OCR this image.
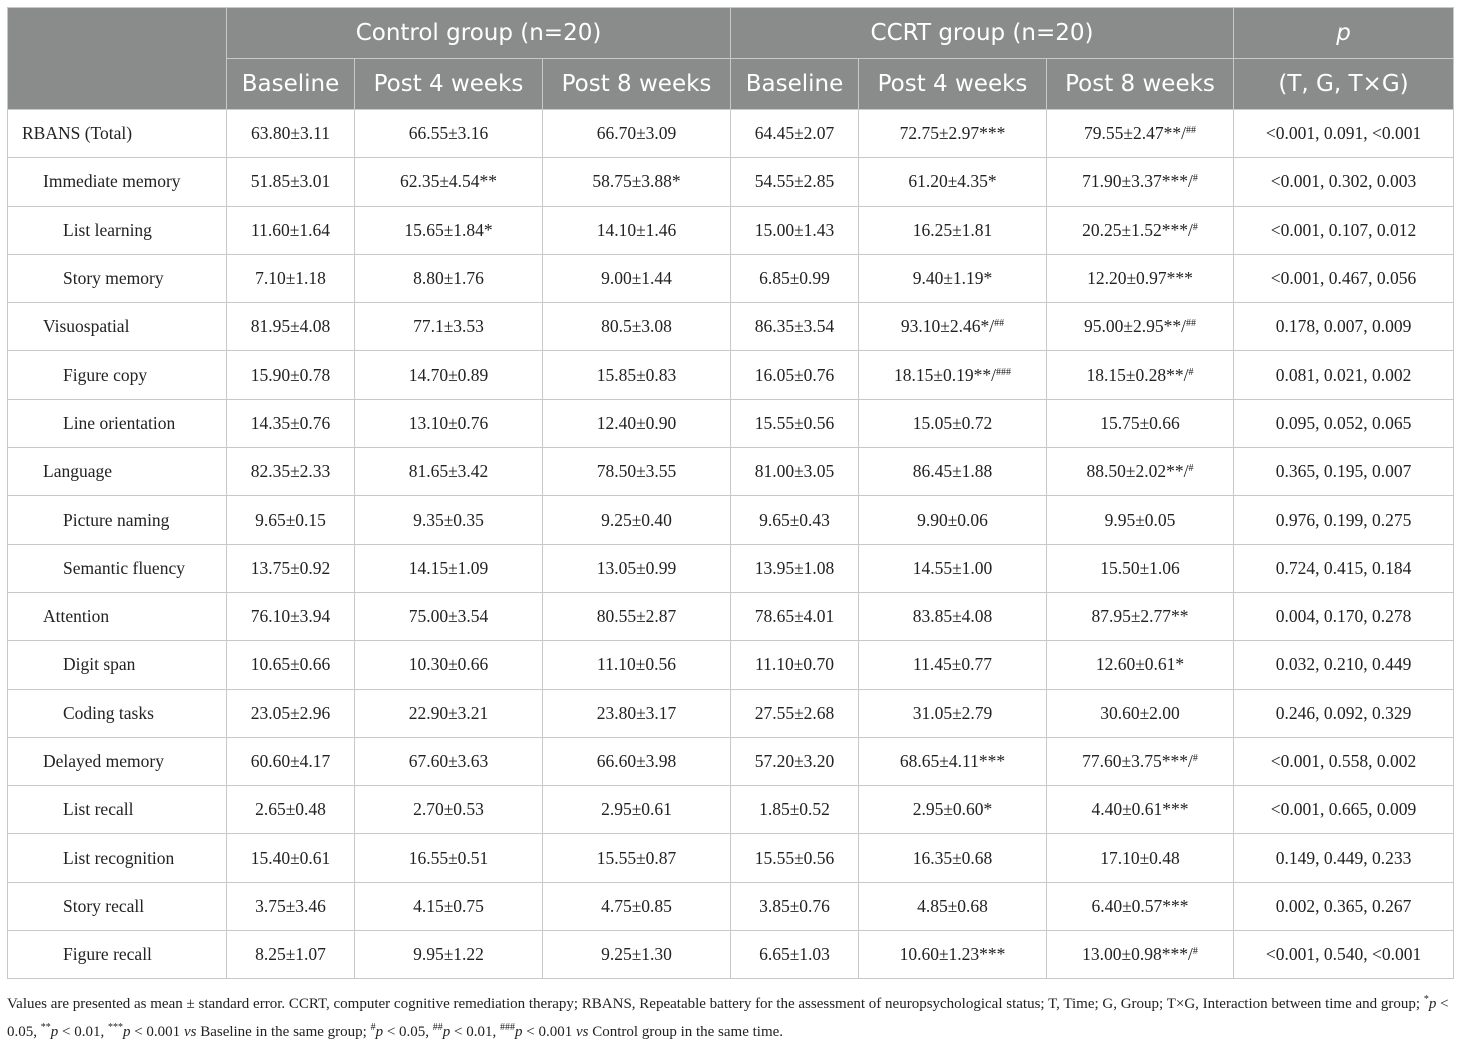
	Control group (n=20)			CCRT group (n=20)			p
	Baseline	Post 4 weeks	Post 8 weeks	Baseline	Post 4 weeks	Post 8 weeks	(T, G, T×G)
RBANS (Total)	63.80±3.11	66.55±3.16	66.70±3.09	64.45±2.07	72.75±2.97***	79.55±2.47**/##	<0.001, 0.091, <0.001
Immediate memory	51.85±3.01	62.35±4.54**	58.75±3.88*	54.55±2.85	61.20±4.35*	71.90±3.37***/#	<0.001, 0.302, 0.003
List learning	11.60±1.64	15.65±1.84*	14.10±1.46	15.00±1.43	16.25±1.81	20.25±1.52***/#	<0.001, 0.107, 0.012
Story memory	7.10±1.18	8.80±1.76	9.00±1.44	6.85±0.99	9.40±1.19*	12.20±0.97***	<0.001, 0.467, 0.056
Visuospatial	81.95±4.08	77.1±3.53	80.5±3.08	86.35±3.54	93.10±2.46*/##	95.00±2.95**/##	0.178, 0.007, 0.009
Figure copy	15.90±0.78	14.70±0.89	15.85±0.83	16.05±0.76	18.15±0.19**/###	18.15±0.28**/#	0.081, 0.021, 0.002
Line orientation	14.35±0.76	13.10±0.76	12.40±0.90	15.55±0.56	15.05±0.72	15.75±0.66	0.095, 0.052, 0.065
Language	82.35±2.33	81.65±3.42	78.50±3.55	81.00±3.05	86.45±1.88	88.50±2.02**/#	0.365, 0.195, 0.007
Picture naming	9.65±0.15	9.35±0.35	9.25±0.40	9.65±0.43	9.90±0.06	9.95±0.05	0.976, 0.199, 0.275
Semantic fluency	13.75±0.92	14.15±1.09	13.05±0.99	13.95±1.08	14.55±1.00	15.50±1.06	0.724, 0.415, 0.184
Attention	76.10±3.94	75.00±3.54	80.55±2.87	78.65±4.01	83.85±4.08	87.95±2.77**	0.004, 0.170, 0.278
Digit span	10.65±0.66	10.30±0.66	11.10±0.56	11.10±0.70	11.45±0.77	12.60±0.61*	0.032, 0.210, 0.449
Coding tasks	23.05±2.96	22.90±3.21	23.80±3.17	27.55±2.68	31.05±2.79	30.60±2.00	0.246, 0.092, 0.329
Delayed memory	60.60±4.17	67.60±3.63	66.60±3.98	57.20±3.20	68.65±4.11***	77.60±3.75***/#	<0.001, 0.558, 0.002
List recall	2.65±0.48	2.70±0.53	2.95±0.61	1.85±0.52	2.95±0.60*	4.40±0.61***	<0.001, 0.665, 0.009
List recognition	15.40±0.61	16.55±0.51	15.55±0.87	15.55±0.56	16.35±0.68	17.10±0.48	0.149, 0.449, 0.233
Story recall	3.75±3.46	4.15±0.75	4.75±0.85	3.85±0.76	4.85±0.68	6.40±0.57***	0.002, 0.365, 0.267
Figure recall	8.25±1.07	9.95±1.22	9.25±1.30	6.65±1.03	10.60±1.23***	13.00±0.98***/#	<0.001, 0.540, <0.001
Values are presented as mean ± standard error. CCRT, computer cognitive remediation therapy; RBANS, Repeatable battery for the assessment of neuropsychological status; T, Time; G, Group; T×G, Interaction between time and group; *p < 0.05, **p < 0.01, ***p < 0.001 vs Baseline in the same group; #p < 0.05, ##p < 0.01, ###p < 0.001 vs Control group in the same time.
